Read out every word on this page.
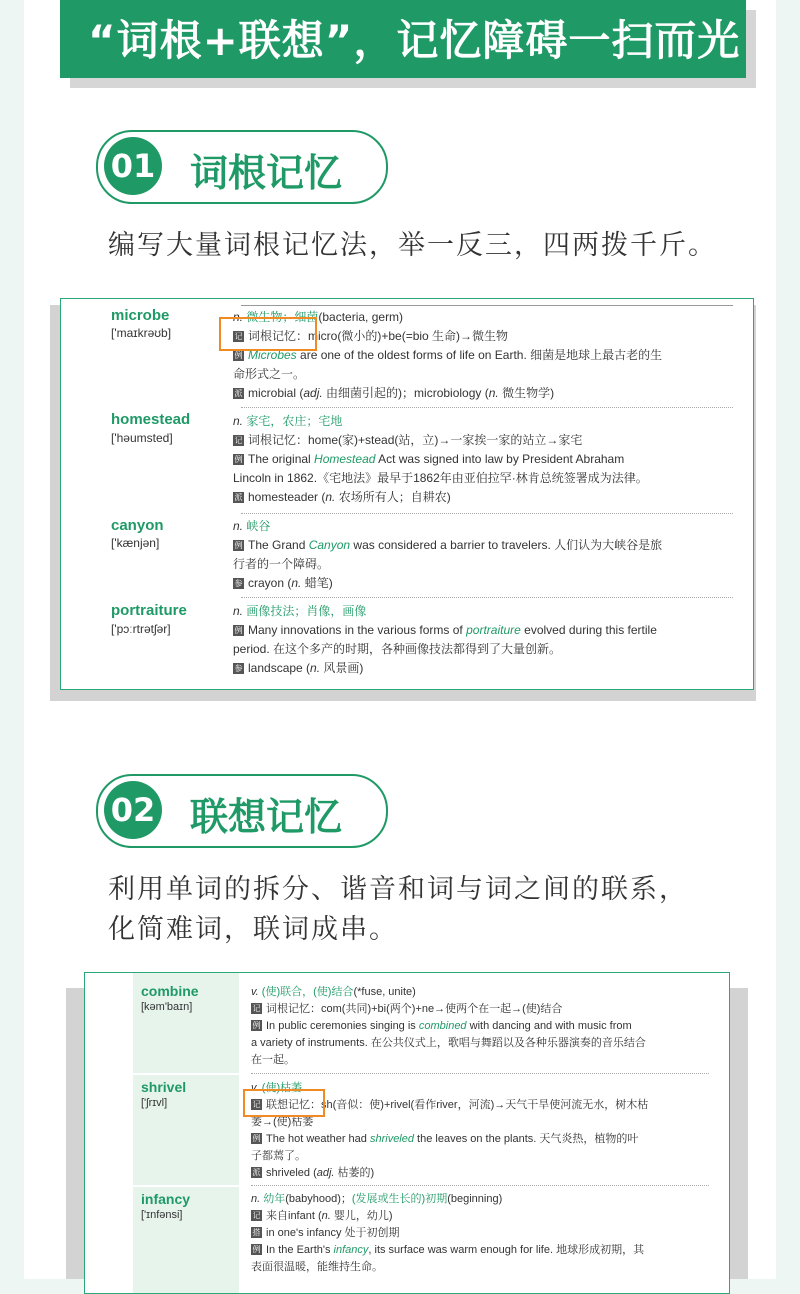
“词根+联想”，记忆障碍一扫而光
01 词根记忆
编写大量词根记忆法，举一反三，四两拨千斤。
microbe
['maɪkrəʊb]
n. 微生物；细菌(bacteria, germ)
记 词根记忆：micro(微小的)+be(=bio 生命)→微生物
例 Microbes are one of the oldest forms of life on Earth. 细菌是地球上最古老的生
命形式之一。
派 microbial (adj. 由细菌引起的)；microbiology (n. 微生物学)
homestead
['həumsted]
n. 家宅，农庄；宅地
记 词根记忆：home(家)+stead(站，立)→一家挨一家的站立→家宅
例 The original Homestead Act was signed into law by President Abraham
Lincoln in 1862.《宅地法》最早于1862年由亚伯拉罕·林肯总统签署成为法律。
派 homesteader (n. 农场所有人；自耕农)
canyon
['kænjən]
n. 峡谷
例 The Grand Canyon was considered a barrier to travelers. 人们认为大峡谷是旅
行者的一个障碍。
参 crayon (n. 蜡笔)
portraiture
['pɔːrtrətʃər]
n. 画像技法；肖像，画像
例 Many innovations in the various forms of portraiture evolved during this fertile
period. 在这个多产的时期，各种画像技法都得到了大量创新。
参 landscape (n. 风景画)
02 联想记忆
利用单词的拆分、谐音和词与词之间的联系，
化简难词，联词成串。
combine
[kəm'baɪn]
v. (使)联合，(使)结合(*fuse, unite)
记 词根记忆：com(共同)+bi(两个)+ne→使两个在一起→(使)结合
例 In public ceremonies singing is combined with dancing and with music from
a variety of instruments. 在公共仪式上，歌唱与舞蹈以及各种乐器演奏的音乐结合
在一起。
shrivel
['ʃrɪvl]
v. (使)枯萎
记 联想记忆：sh(音似：使)+rivel(看作river，河流)→天气干旱使河流无水，树木枯
萎→(使)枯萎
例 The hot weather had shriveled the leaves on the plants. 天气炎热，植物的叶
子都蔫了。
派 shriveled (adj. 枯萎的)
infancy
['ɪnfənsi]
n. 幼年(babyhood)；(发展或生长的)初期(beginning)
记 来自infant (n. 婴儿，幼儿)
搭 in one's infancy 处于初创期
例 In the Earth's infancy, its surface was warm enough for life. 地球形成初期，其
表面很温暖，能维持生命。
